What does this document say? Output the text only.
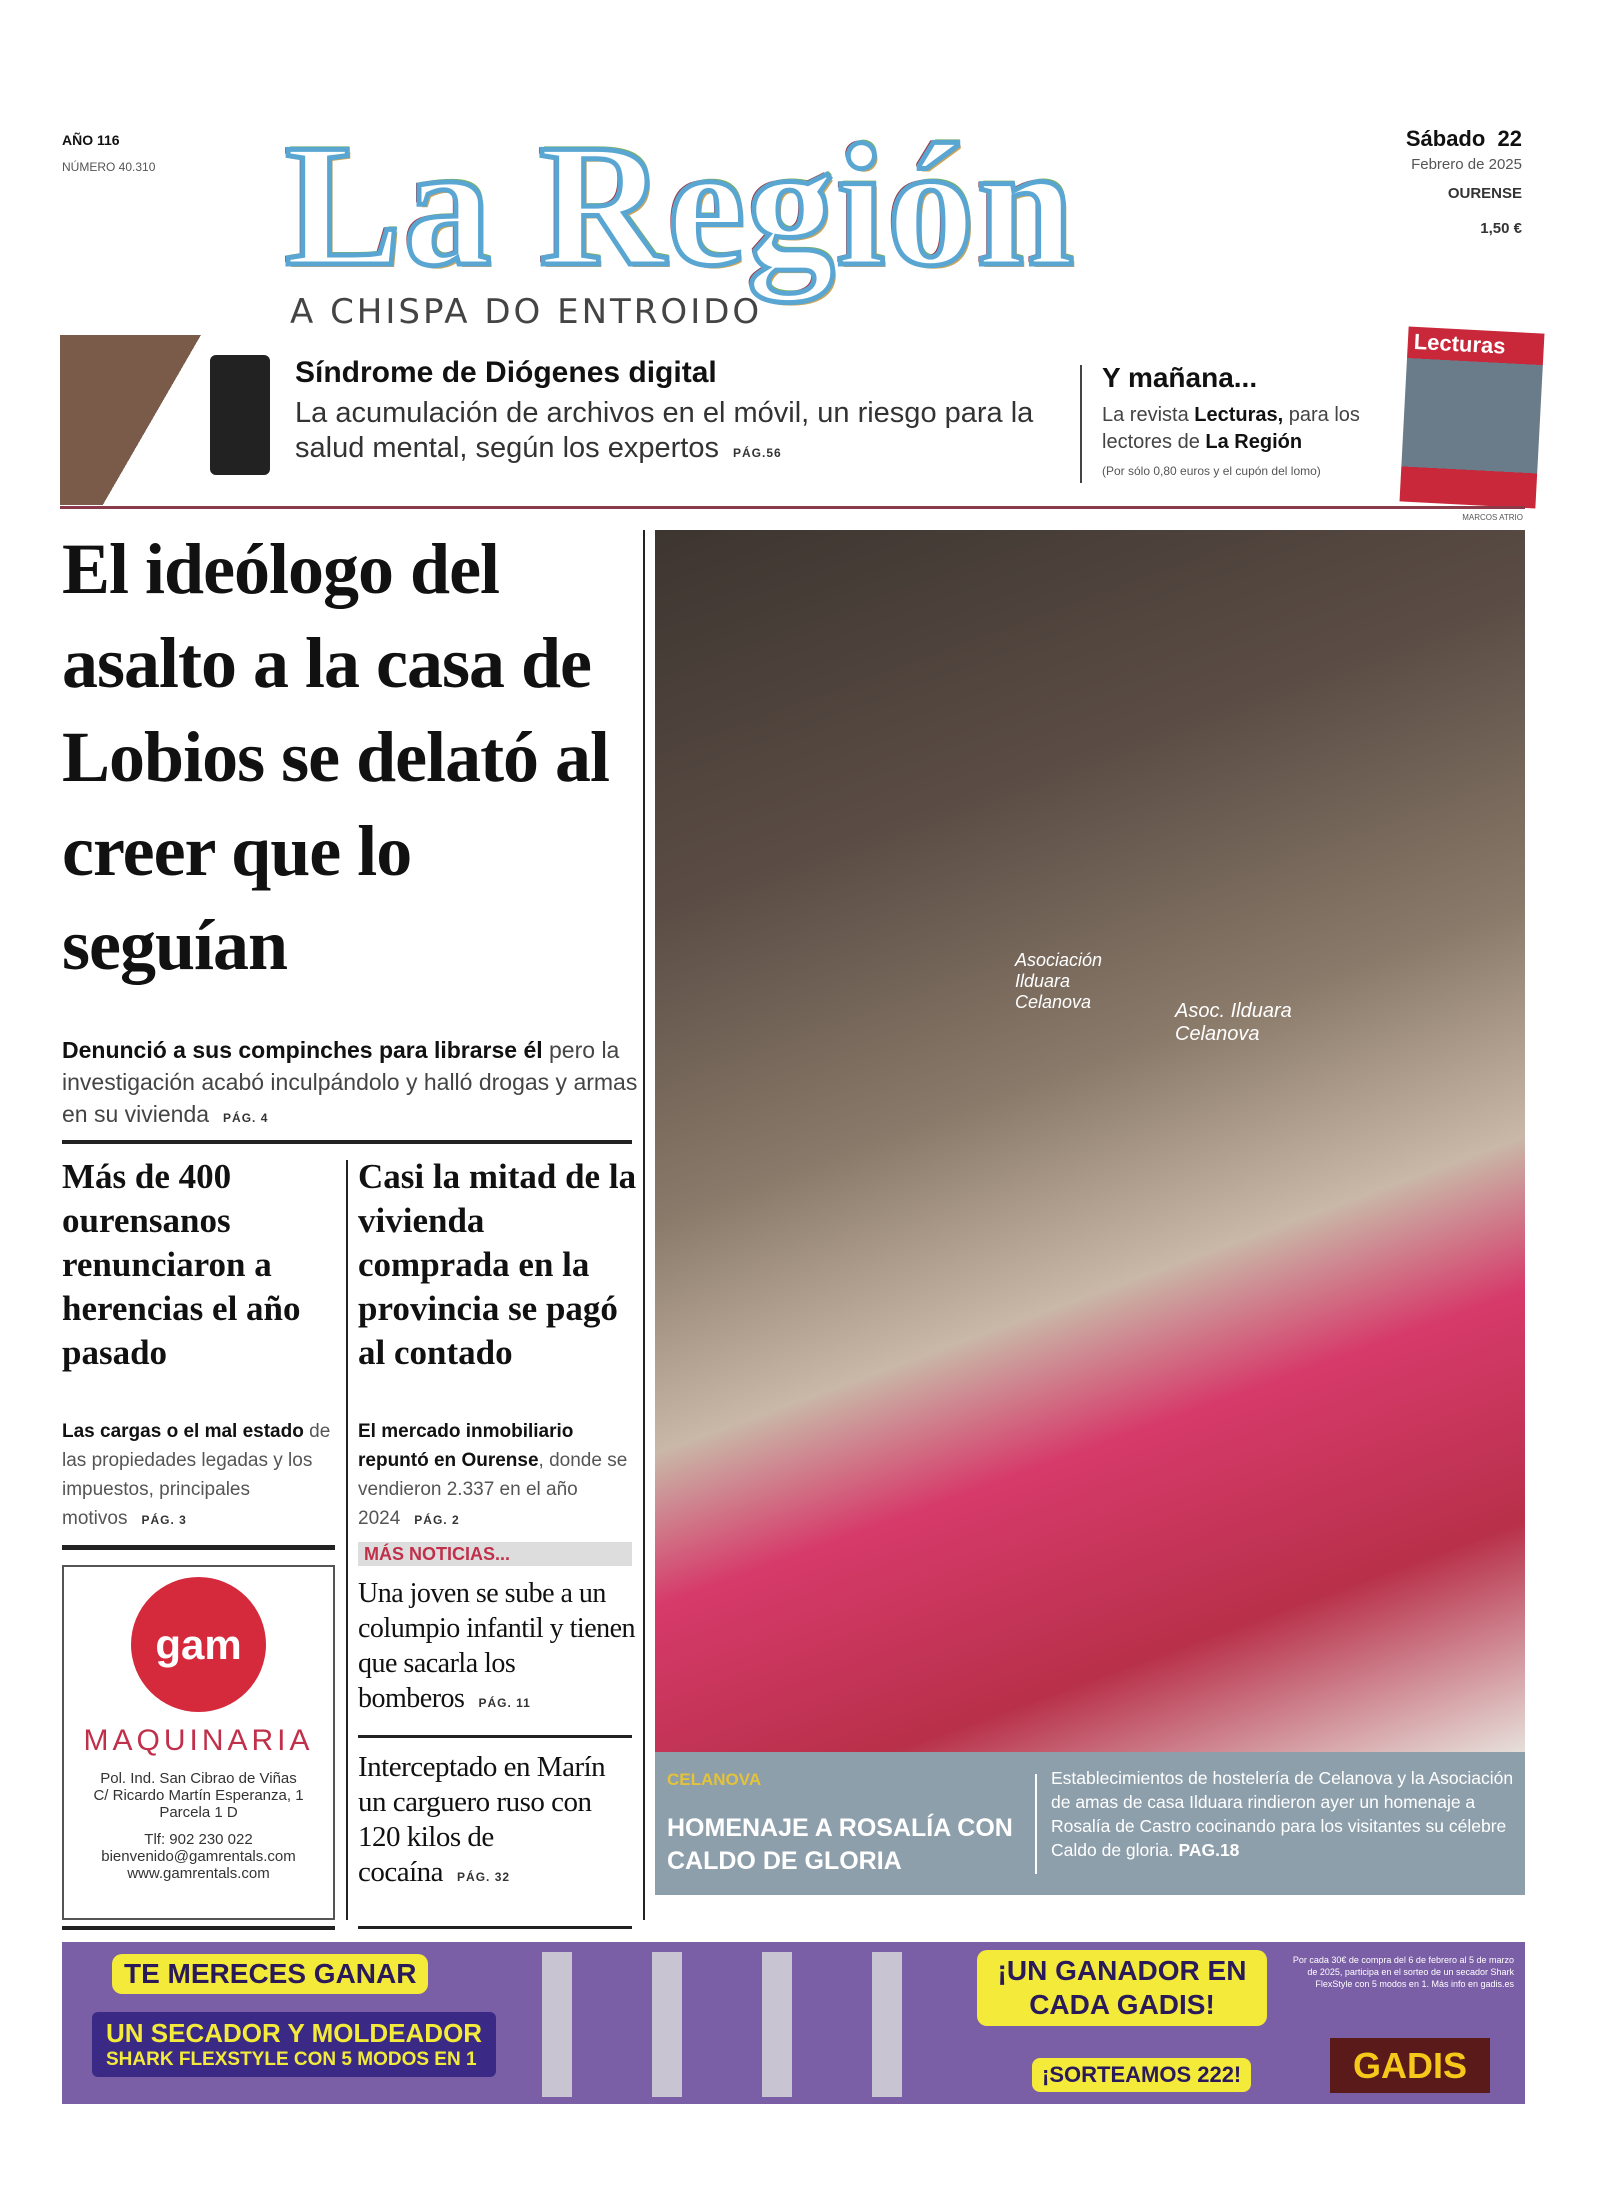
AÑO 116
NÚMERO 40.310 La Región
A CHISPA DO ENTROIDO
Sábado  22
Febrero de 2025
OURENSE
1,50 €
Síndrome de Diógenes digital
La acumulación de archivos en el móvil, un riesgo para la salud mental, según los expertos PÁG.56
Y mañana...
La revista Lecturas, para los lectores de La Región
(Por sólo 0,80 euros y el cupón del lomo)
Lecturas
MARCOS ATRIO
El ideólogo del asalto a la casa de Lobios se delató al creer que lo seguían
Denunció a sus compinches para librarse él pero la investigación acabó inculpándolo y halló drogas y armas en su vivienda PÁG. 4
Más de 400 ourensanos renunciaron a herencias el año pasado
Las cargas o el mal estado de las propiedades legadas y los impuestos, principales motivos PÁG. 3
Casi la mitad de la vivienda comprada en la provincia se pagó al contado
El mercado inmobiliario repuntó en Ourense, donde se vendieron 2.337 en el año 2024 PÁG. 2
MÁS NOTICIAS...
Una joven se sube a un columpio infantil y tienen que sacarla los bomberos PÁG. 11
Interceptado en Marín un carguero ruso con 120 kilos de cocaína PÁG. 32
gam
MAQUINARIA
Pol. Ind. San Cibrao de Viñas
C/ Ricardo Martín Esperanza, 1
Parcela 1 D
Tlf: 902 230 022
bienvenido@gamrentals.com
www.gamrentals.com
Asociación Ilduara Celanova	Asoc. Ilduara Celanova
CELANOVA
HOMENAJE A ROSALÍA CON CALDO DE GLORIA
Establecimientos de hostelería de Celanova y la Asociación de amas de casa Ilduara rindieron ayer un homenaje a Rosalía de Castro cocinando para los visitantes su célebre Caldo de gloria. PAG.18
TE MERECES GANAR
UN SECADOR Y MOLDEADOR
SHARK FLEXSTYLE CON 5 MODOS EN 1
¡UN GANADOR EN CADA GADIS!
¡SORTEAMOS 222!
Por cada 30€ de compra del 6 de febrero al 5 de marzo de 2025, participa en el sorteo de un secador Shark FlexStyle con 5 modos en 1. Más info en gadis.es
GADIS
